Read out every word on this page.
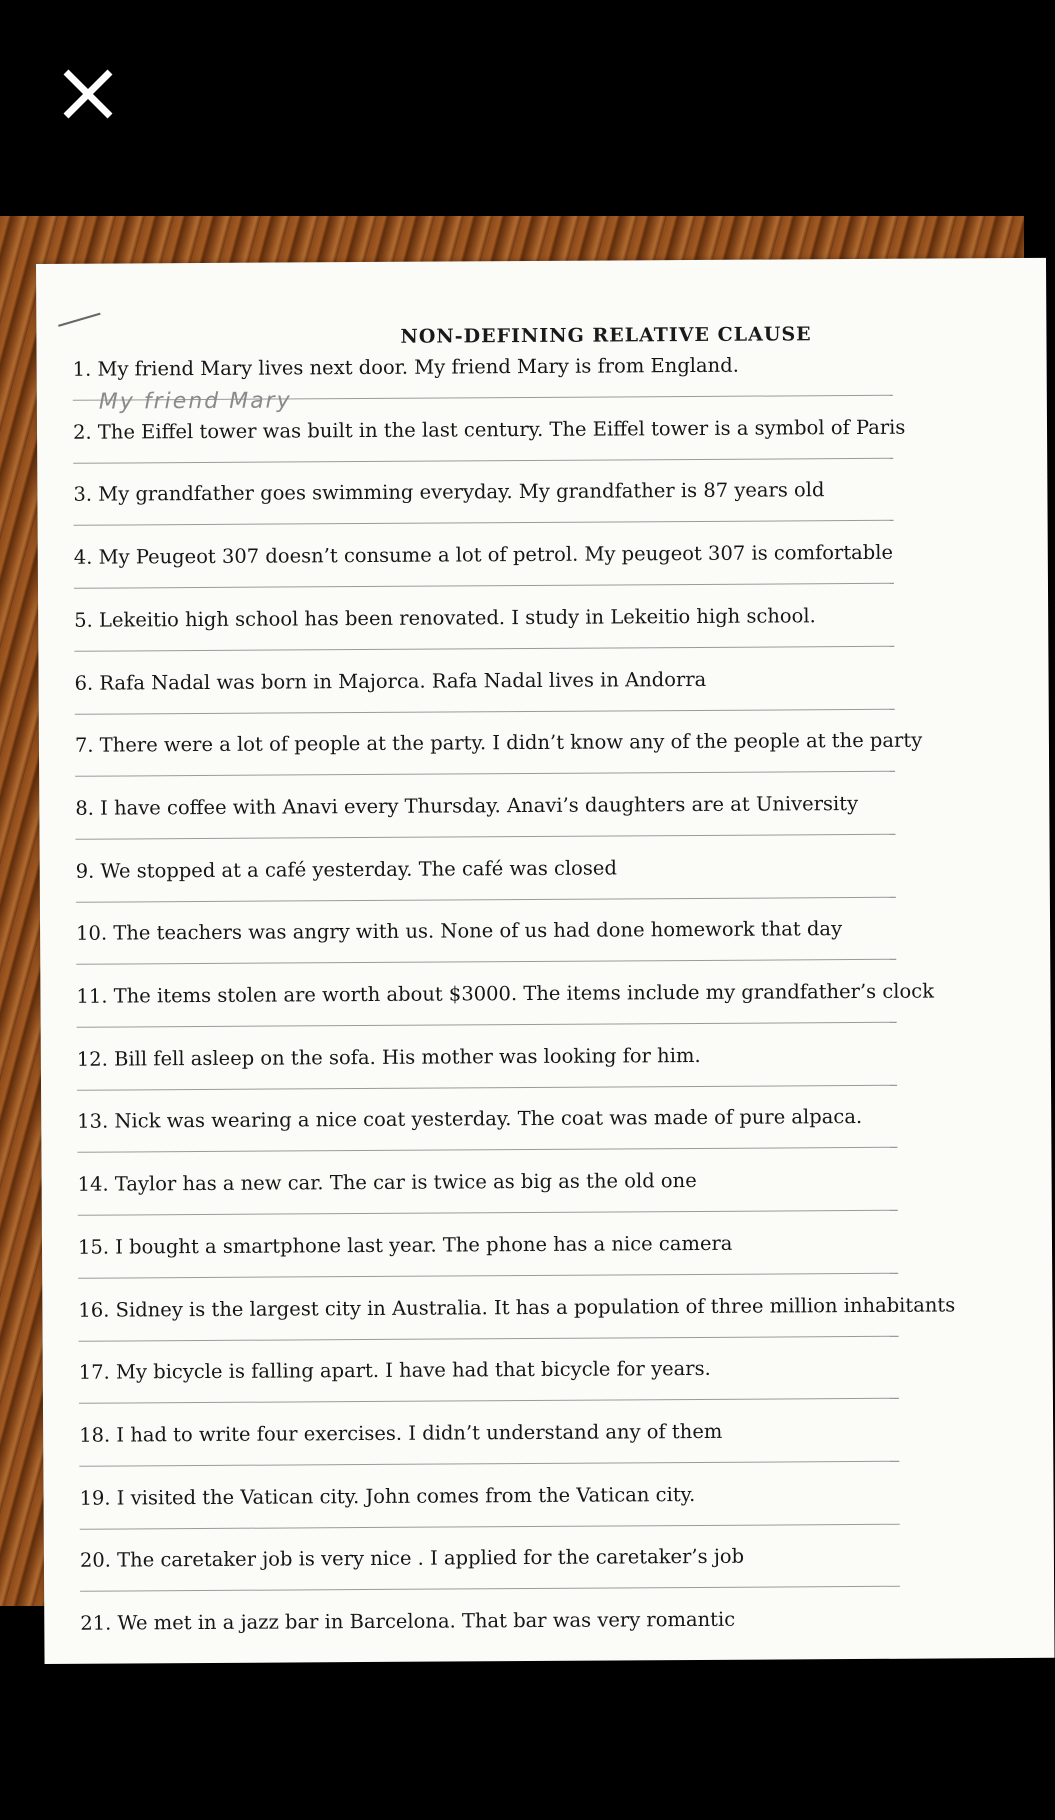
NON-DEFINING RELATIVE CLAUSE
1. My friend Mary lives next door. My friend Mary is from England.
2. The Eiffel tower was built in the last century. The Eiffel tower is a symbol of Paris
3. My grandfather goes swimming everyday. My grandfather is 87 years old
4. My Peugeot 307 doesn’t consume a lot of petrol. My peugeot 307 is comfortable
5. Lekeitio high school has been renovated. I study in Lekeitio high school.
6. Rafa Nadal was born in Majorca. Rafa Nadal lives in Andorra
7. There were a lot of people at the party. I didn’t know any of the people at the party
8. I have coffee with Anavi every Thursday. Anavi’s daughters are at University
9. We stopped at a café yesterday. The café was closed
10. The teachers was angry with us. None of us had done homework that day
11. The items stolen are worth about $3000. The items include my grandfather’s clock
12. Bill fell asleep on the sofa. His mother was looking for him.
13. Nick was wearing a nice coat yesterday. The coat was made of pure alpaca.
14. Taylor has a new car. The car is twice as big as the old one
15. I bought a smartphone last year. The phone has a nice camera
16. Sidney is the largest city in Australia. It has a population of three million inhabitants
17. My bicycle is falling apart. I have had that bicycle for years.
18. I had to write four exercises. I didn’t understand any of them
19. I visited the Vatican city. John comes from the Vatican city.
20. The caretaker job is very nice . I applied for the caretaker’s job
21. We met in a jazz bar in Barcelona. That bar was very romantic
My friend Mary
